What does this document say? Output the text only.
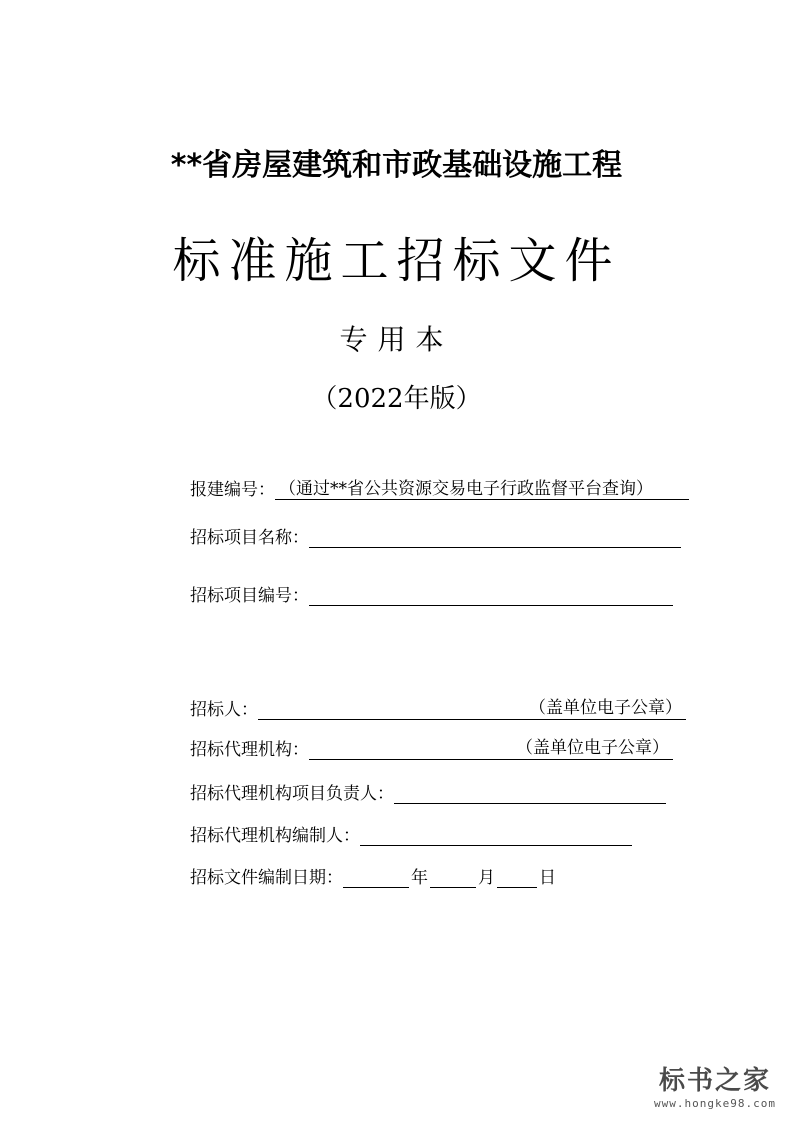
**省房屋建筑和市政基础设施工程
标准施工招标文件
专用本
（2022年版）
报建编号： （通过**省公共资源交易电子行政监督平台查询）
招标项目名称：
招标项目编号：
招标人：	（盖单位电子公章）
招标代理机构：	（盖单位电子公章）
招标代理机构项目负责人：
招标代理机构编制人：
招标文件编制日期：	年	月	日
标书之家
www.hongke98.com
